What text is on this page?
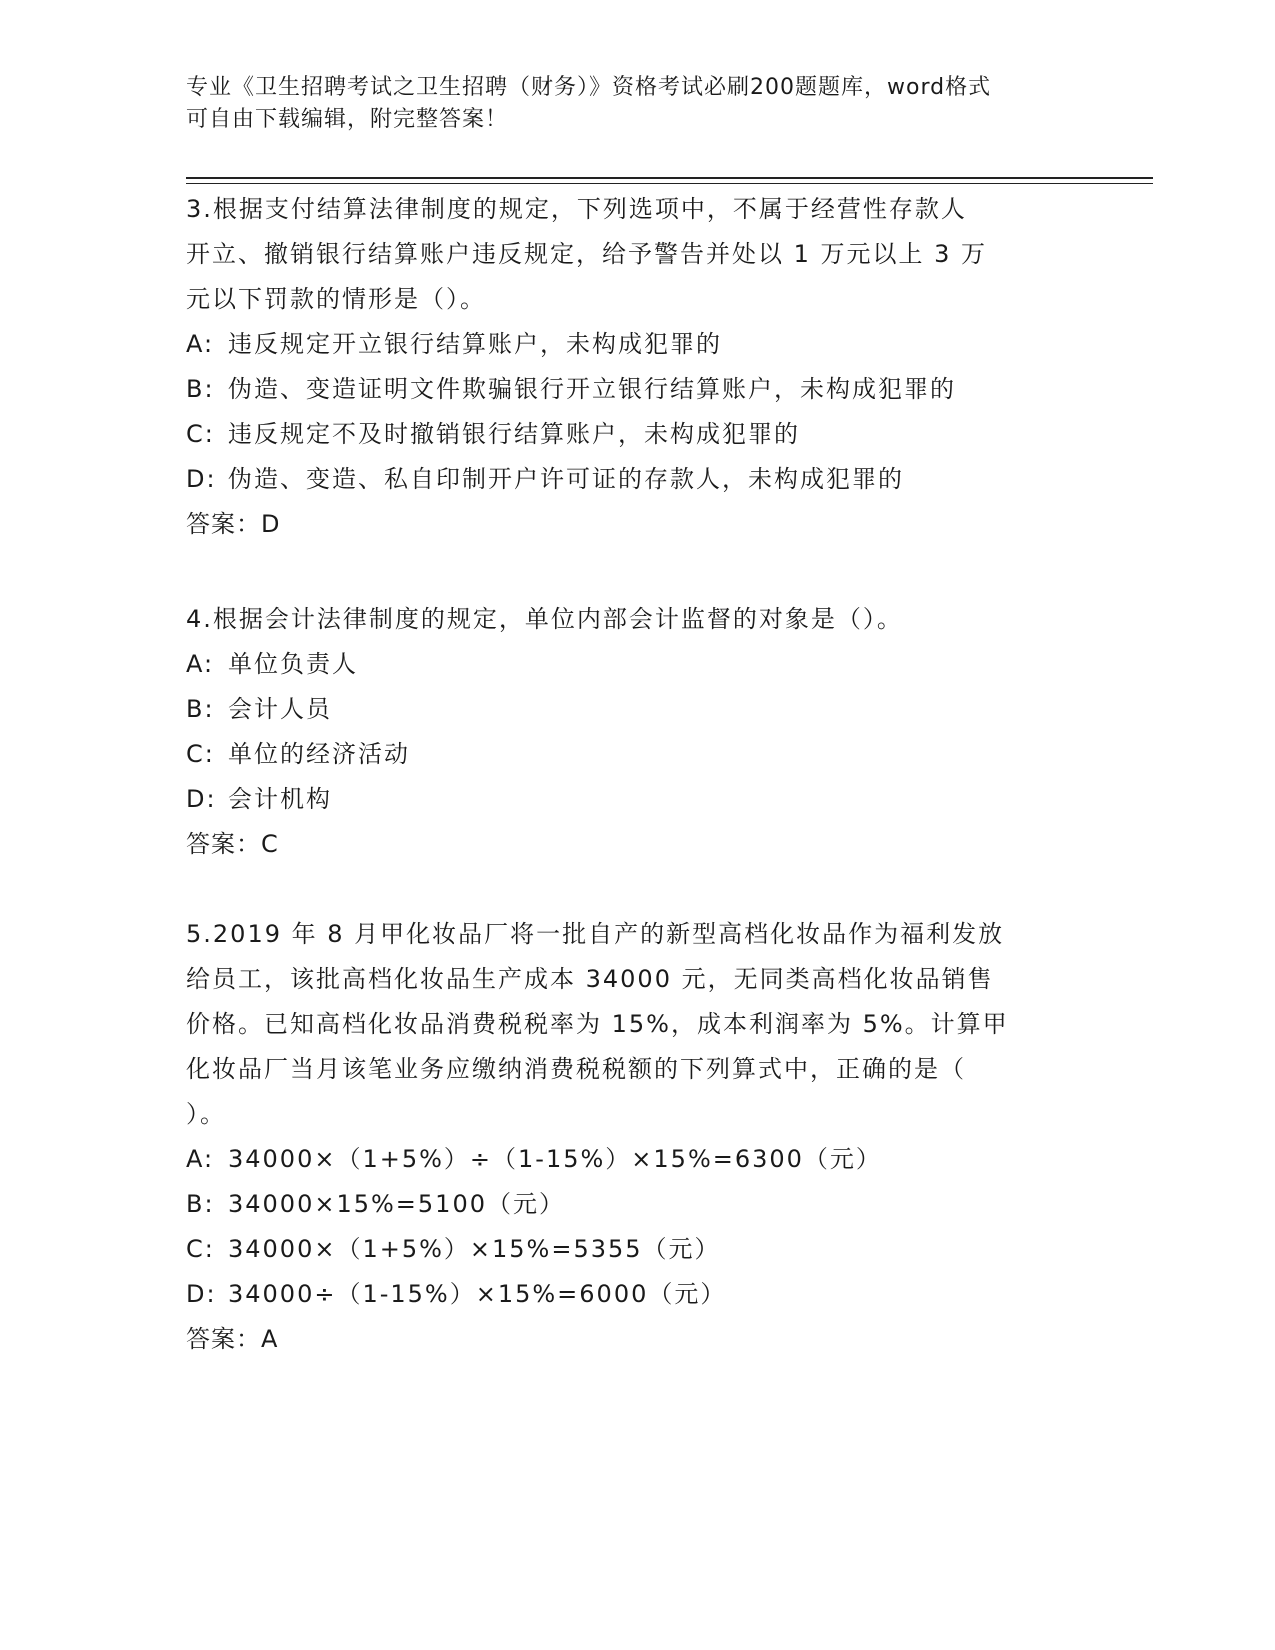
专业《卫生招聘考试之卫生招聘（财务）》资格考试必刷200题题库，word格式
可自由下载编辑，附完整答案！
3.根据支付结算法律制度的规定，下列选项中，不属于经营性存款人
开立、撤销银行结算账户违反规定，给予警告并处以 1 万元以上 3 万
元以下罚款的情形是（）。
A: 违反规定开立银行结算账户，未构成犯罪的
B: 伪造、变造证明文件欺骗银行开立银行结算账户，未构成犯罪的
C: 违反规定不及时撤销银行结算账户，未构成犯罪的
D: 伪造、变造、私自印制开户许可证的存款人，未构成犯罪的
答案：D
4.根据会计法律制度的规定，单位内部会计监督的对象是（）。
A: 单位负责人
B: 会计人员
C: 单位的经济活动
D: 会计机构
答案：C
5.2019 年 8 月甲化妆品厂将一批自产的新型高档化妆品作为福利发放
给员工，该批高档化妆品生产成本 34000 元，无同类高档化妆品销售
价格。已知高档化妆品消费税税率为 15%，成本利润率为 5%。计算甲
化妆品厂当月该笔业务应缴纳消费税税额的下列算式中，正确的是（
）。
A: 34000×（1+5%）÷（1-15%）×15%=6300（元）
B: 34000×15%=5100（元）
C: 34000×（1+5%）×15%=5355（元）
D: 34000÷（1-15%）×15%=6000（元）
答案：A
